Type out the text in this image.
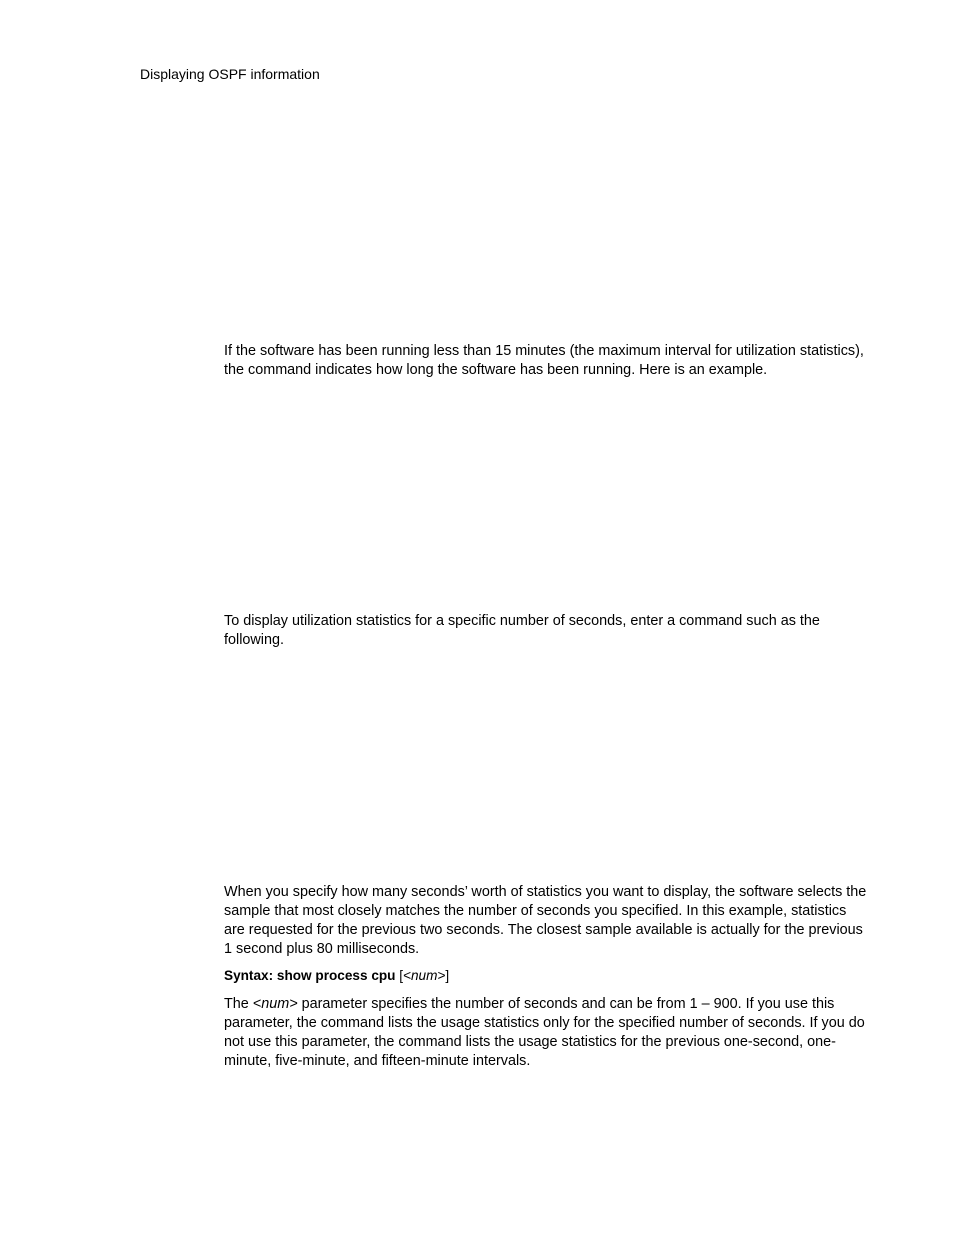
Displaying OSPF information

If the software has been running less than 15 minutes (the maximum interval for utilization statistics), the command indicates how long the software has been running. Here is an example.

To display utilization statistics for a specific number of seconds, enter a command such as the following.

When you specify how many seconds’ worth of statistics you want to display, the software selects the sample that most closely matches the number of seconds you specified. In this example, statistics are requested for the previous two seconds. The closest sample available is actually for the previous 1 second plus 80 milliseconds.

Syntax: show process cpu [<num>]

The <num> parameter specifies the number of seconds and can be from 1 – 900. If you use this parameter, the command lists the usage statistics only for the specified number of seconds. If you do not use this parameter, the command lists the usage statistics for the previous one-second, one-minute, five-minute, and fifteen-minute intervals.
